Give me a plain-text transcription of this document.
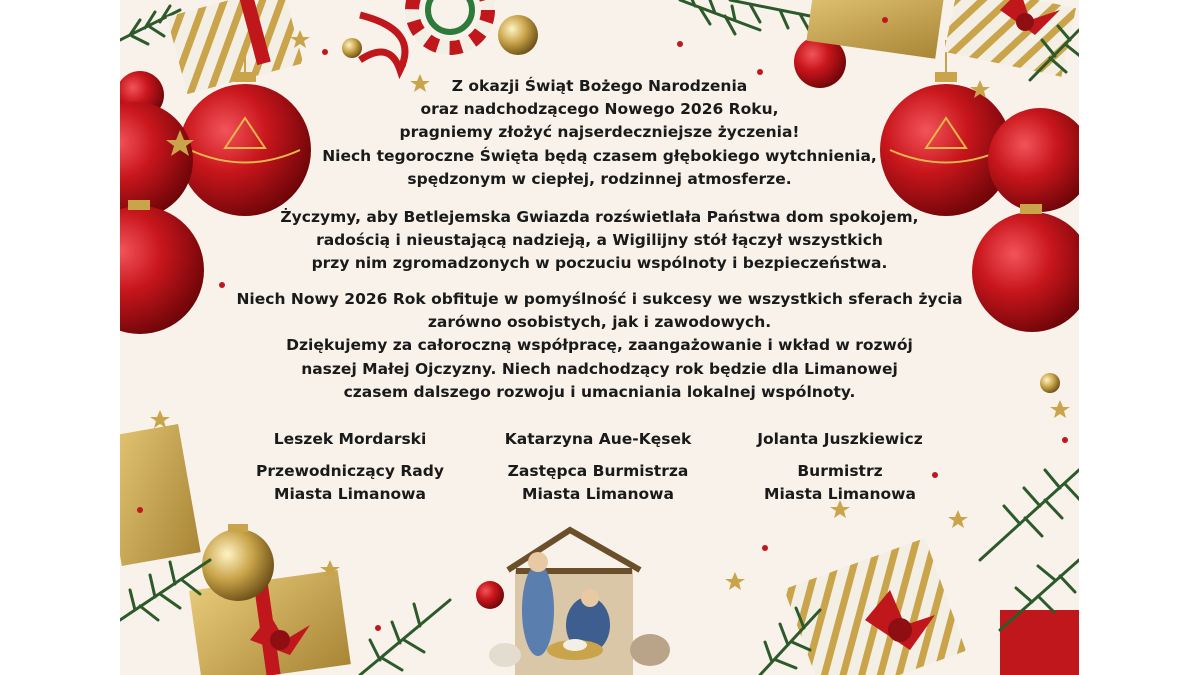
Z okazji Świąt Bożego Narodzenia
oraz nadchodzącego Nowego 2026 Roku,
pragniemy złożyć najserdeczniejsze życzenia!
Niech tegoroczne Święta będą czasem głębokiego wytchnienia,
spędzonym w ciepłej, rodzinnej atmosferze.
Życzymy, aby Betlejemska Gwiazda rozświetlała Państwa dom spokojem,
radością i nieustającą nadzieją, a Wigilijny stół łączył wszystkich
przy nim zgromadzonych w poczuciu wspólnoty i bezpieczeństwa.
Niech Nowy 2026 Rok obfituje w pomyślność i sukcesy we wszystkich sferach życia
zarówno osobistych, jak i zawodowych.
Dziękujemy za całoroczną współpracę, zaangażowanie i wkład w rozwój
naszej Małej Ojczyzny. Niech nadchodzący rok będzie dla Limanowej
czasem dalszego rozwoju i umacniania lokalnej wspólnoty.
Leszek Mordarski
Przewodniczący Rady
Miasta Limanowa
Katarzyna Aue-Kęsek
Zastępca Burmistrza
Miasta Limanowa
Jolanta Juszkiewicz
Burmistrz
Miasta Limanowa
